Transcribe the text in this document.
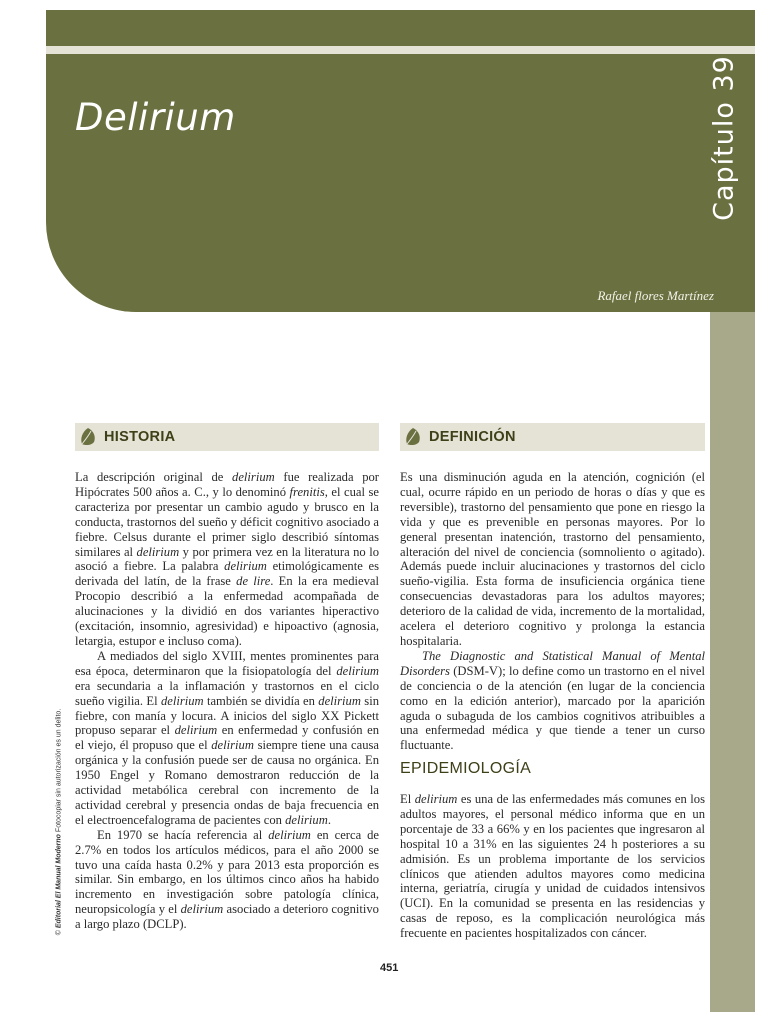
Delirium	Capítulo 39
Rafael flores Martínez
© Editorial El Manual Moderno Fotocopiar sin autorización es un delito.
HISTORIA	DEFINICIÓN

La descripción original de delirium fue realizada por Hipócrates 500 años a. C., y lo denominó frenitis, el cual se caracteriza por presentar un cambio agudo y brusco en la conducta, trastornos del sueño y déficit cognitivo asociado a fiebre. Celsus durante el primer siglo describió síntomas similares al delirium y por primera vez en la literatura no lo asoció a fiebre. La palabra delirium etimológicamente es derivada del latín, de la frase de lire. En la era medieval Procopio describió a la enfermedad acompañada de alucinaciones y la dividió en dos variantes hiperactivo (excitación, insomnio, agresividad) e hipoactivo (agnosia, letargia, estupor e incluso coma).

A mediados del siglo XVIII, mentes prominentes para esa época, determinaron que la fisiopatología del delirium era secundaria a la inflamación y trastornos en el ciclo sueño vigilia. El delirium también se dividía en delirium sin fiebre, con manía y locura. A inicios del siglo XX Pickett propuso separar el delirium en enfermedad y confusión en el viejo, él propuso que el delirium siempre tiene una causa orgánica y la confusión puede ser de causa no orgánica. En 1950 Engel y Romano demostraron reducción de la actividad metabólica cerebral con incremento de la actividad cerebral y presencia ondas de baja frecuencia en el electroencefalograma de pacientes con delirium.

En 1970 se hacía referencia al delirium en cerca de 2.7% en todos los artículos médicos, para el año 2000 se tuvo una caída hasta 0.2% y para 2013 esta proporción es similar. Sin embargo, en los últimos cinco años ha habido incremento en investigación sobre patología clínica, neuropsicología y el delirium asociado a deterioro cognitivo a largo plazo (DCLP).

Es una disminución aguda en la atención, cognición (el cual, ocurre rápido en un periodo de horas o días y que es reversible), trastorno del pensamiento que pone en riesgo la vida y que es prevenible en personas mayores. Por lo general presentan inatención, trastorno del pensamiento, alteración del nivel de conciencia (somnoliento o agitado). Además puede incluir alucinaciones y trastornos del ciclo sueño-vigilia. Esta forma de insuficiencia orgánica tiene consecuencias devastadoras para los adultos mayores; deterioro de la calidad de vida, incremento de la mortalidad, acelera el deterioro cognitivo y prolonga la estancia hospitalaria.

The Diagnostic and Statistical Manual of Mental Disorders (DSM-V); lo define como un trastorno en el nivel de conciencia o de la atención (en lugar de la conciencia como en la edición anterior), marcado por la aparición aguda o subaguda de los cambios cognitivos atribuibles a una enfermedad médica y que tiende a tener un curso fluctuante.

EPIDEMIOLOGÍA

El delirium es una de las enfermedades más comunes en los adultos mayores, el personal médico informa que en un porcentaje de 33 a 66% y en los pacientes que ingresaron al hospital 10 a 31% en las siguientes 24 h posteriores a su admisión. Es un problema importante de los servicios clínicos que atienden adultos mayores como medicina interna, geriatría, cirugía y unidad de cuidados intensivos (UCI). En la comunidad se presenta en las residencias y casas de reposo, es la complicación neurológica más frecuente en pacientes hospitalizados con cáncer.

451
